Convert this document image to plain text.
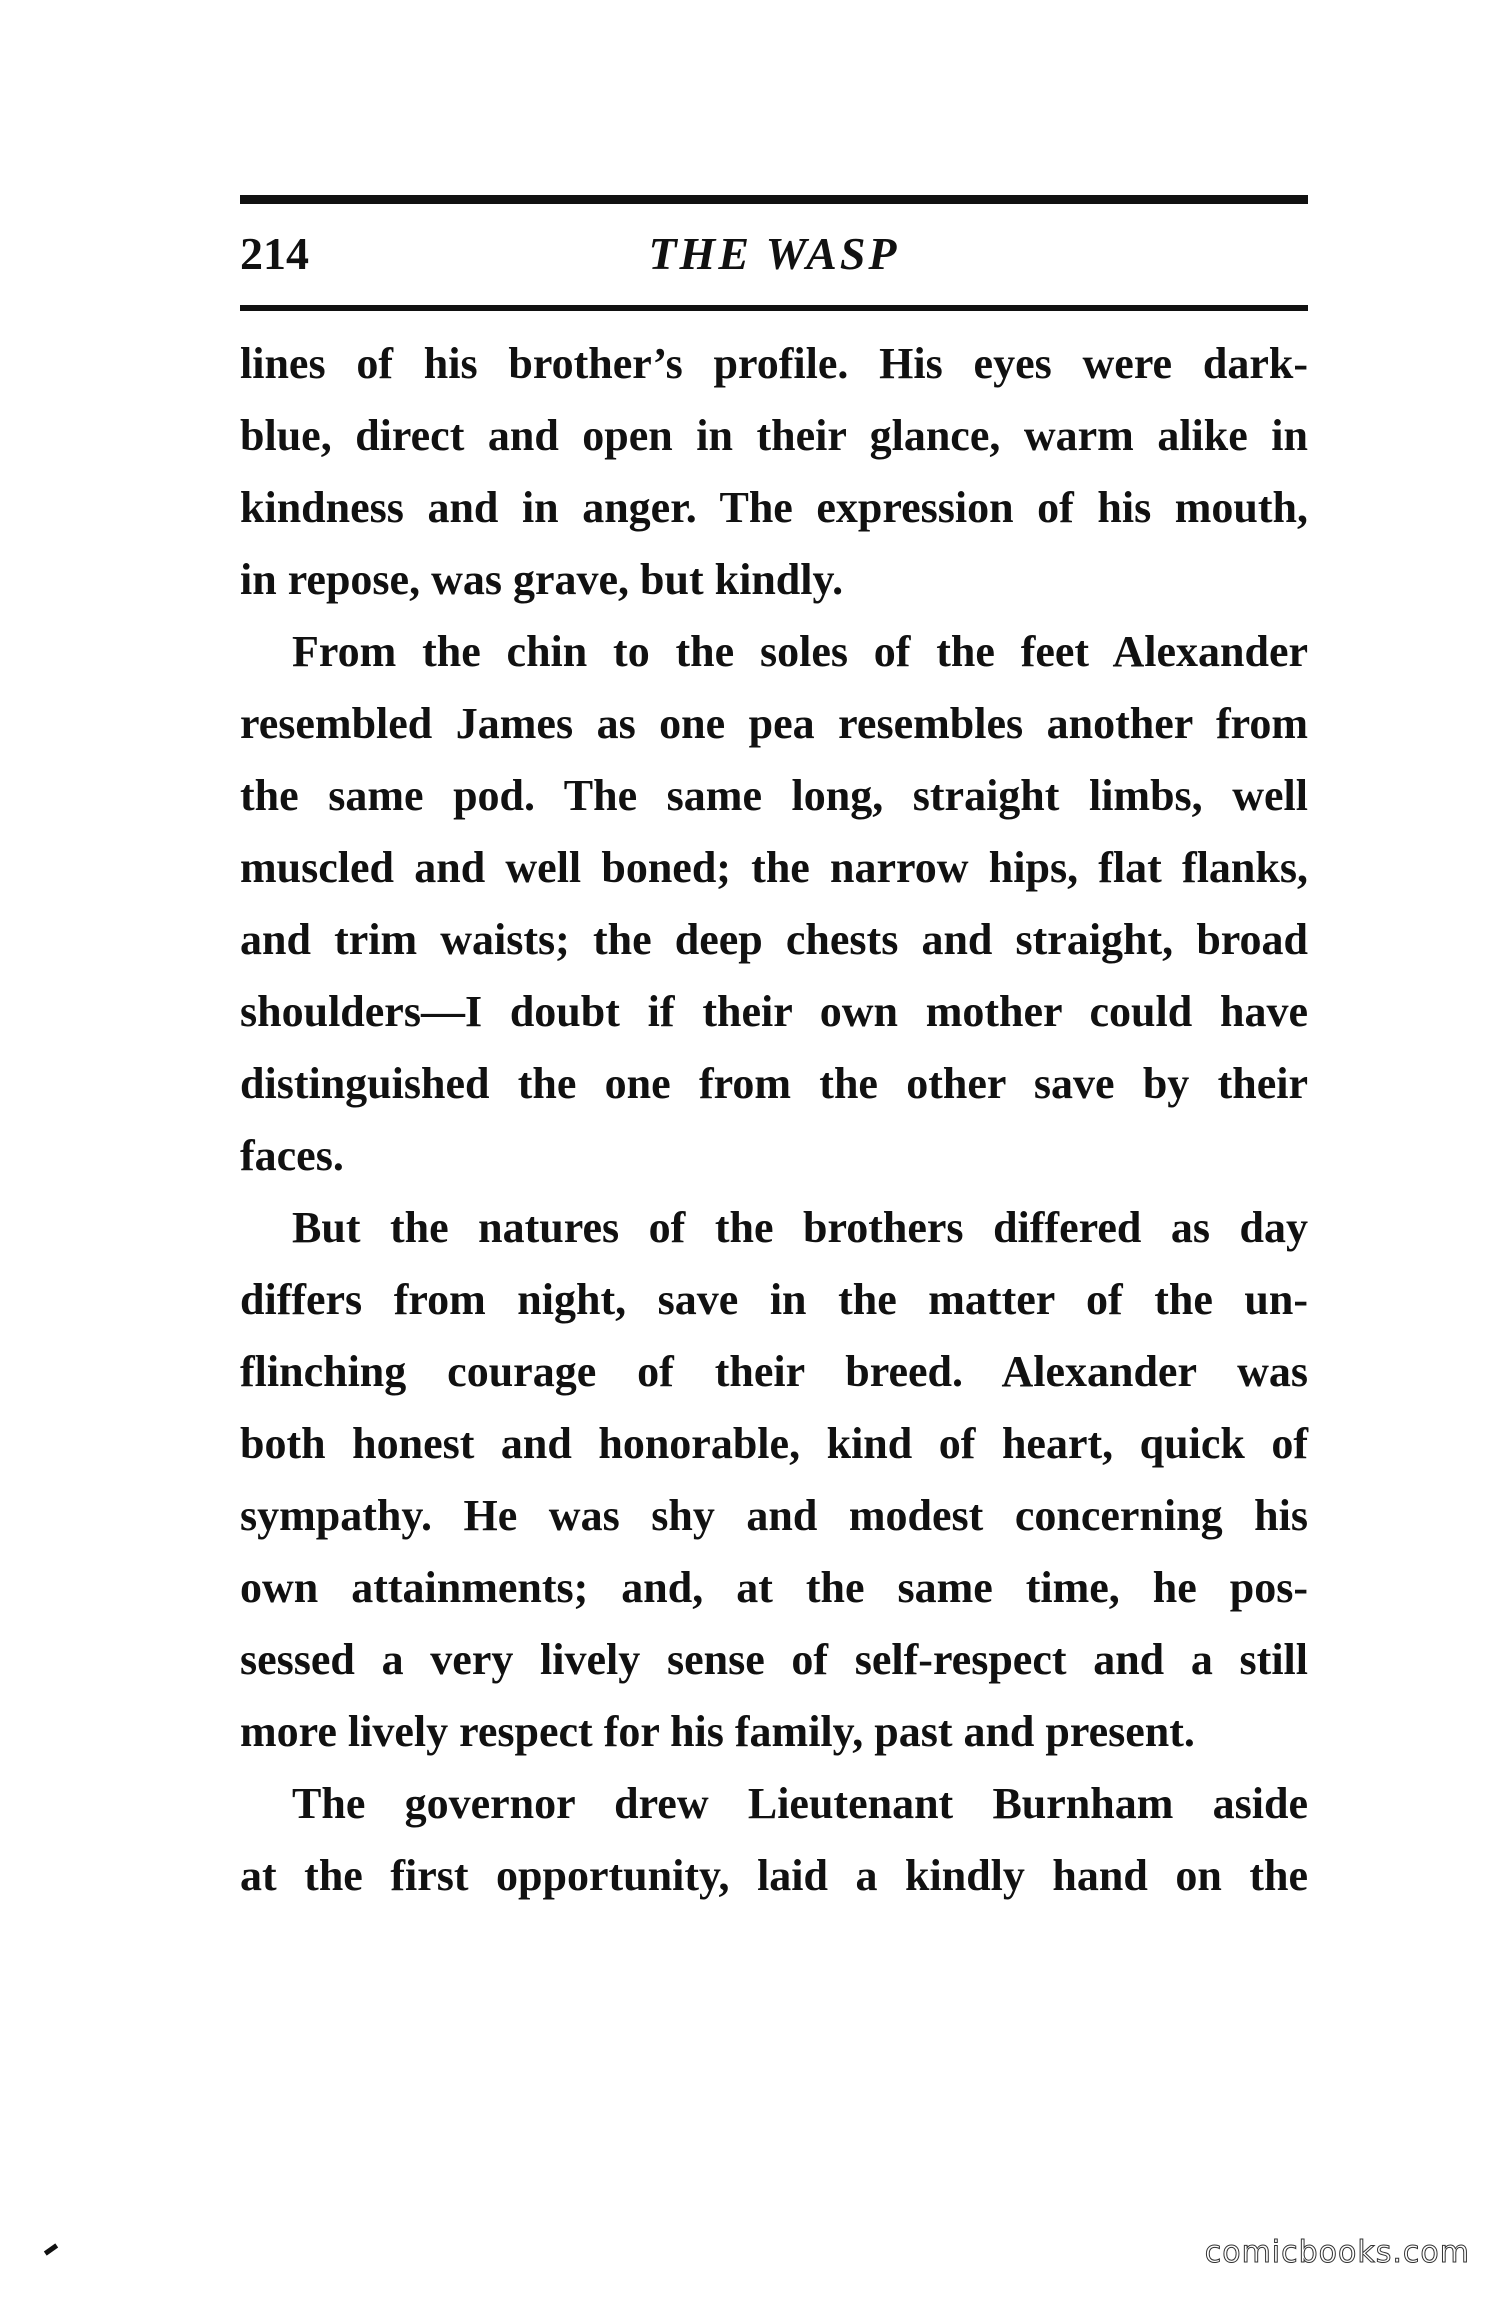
214	THE WASP
lines of his brother’s profile. His eyes were dark-
blue, direct and open in their glance, warm alike in
kindness and in anger. The expression of his mouth,
in repose, was grave, but kindly.
From the chin to the soles of the feet Alexander
resembled James as one pea resembles another from
the same pod. The same long, straight limbs, well
muscled and well boned; the narrow hips, flat flanks,
and trim waists; the deep chests and straight, broad
shoulders—I doubt if their own mother could have
distinguished the one from the other save by their
faces.
But the natures of the brothers differed as day
differs from night, save in the matter of the un-
flinching courage of their breed. Alexander was
both honest and honorable, kind of heart, quick of
sympathy. He was shy and modest concerning his
own attainments; and, at the same time, he pos-
sessed a very lively sense of self-respect and a still
more lively respect for his family, past and present.
The governor drew Lieutenant Burnham aside
at the first opportunity, laid a kindly hand on the
comicbooks.com
